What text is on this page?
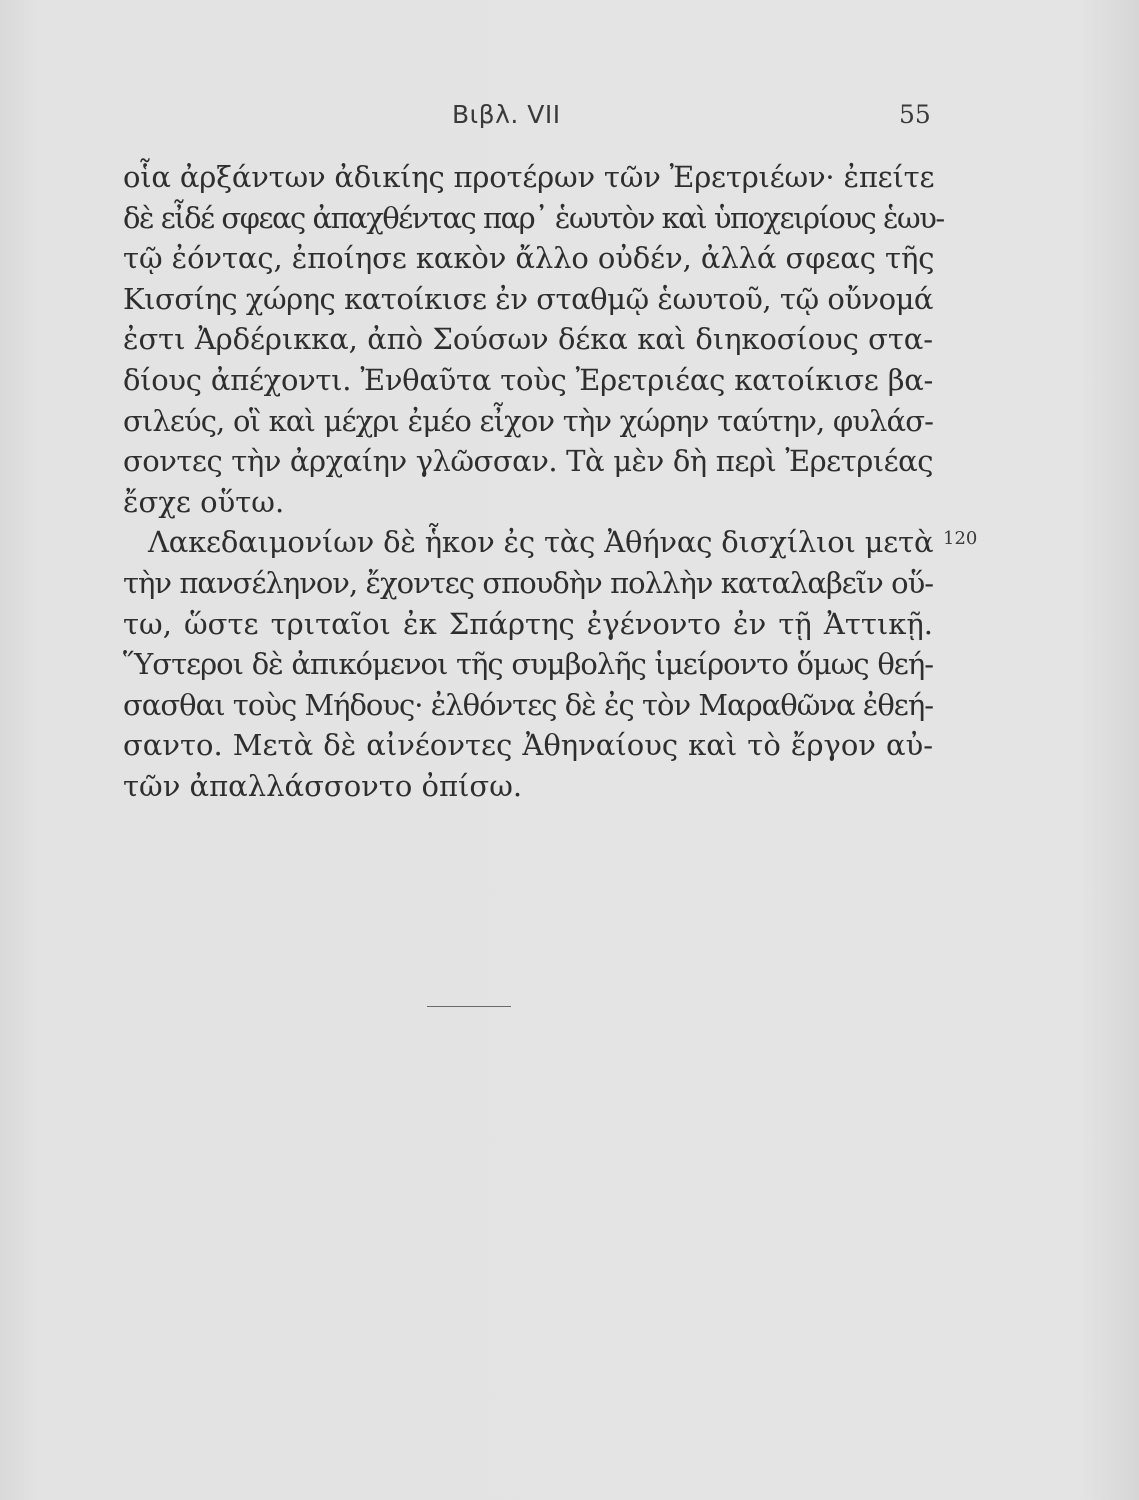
Βιβλ. VII	55
οἷα ἀρξάντων ἀδικίης προτέρων τῶν Ἐρετριέων· ἐπείτε
δὲ εἶδέ σφεας ἀπαχθέντας παρ᾽ ἑωυτὸν καὶ ὑποχειρίους ἑωυ-
τῷ ἐόντας, ἐποίησε κακὸν ἄλλο οὐδέν, ἀλλά σφεας τῆς
Κισσίης χώρης κατοίκισε ἐν σταθμῷ ἑωυτοῦ, τῷ οὔνομά
ἐστι Ἀρδέρικκα, ἀπὸ Σούσων δέκα καὶ διηκοσίους στα-
δίους ἀπέχοντι. Ἐνθαῦτα τοὺς Ἐρετριέας κατοίκισε βα-
σιλεύς, οἳ καὶ μέχρι ἐμέο εἶχον τὴν χώρην ταύτην, φυλάσ-
σοντες τὴν ἀρχαίην γλῶσσαν. Τὰ μὲν δὴ περὶ Ἐρετριέας
ἔσχε οὕτω.
Λακεδαιμονίων δὲ ἧκον ἐς τὰς Ἀθήνας δισχίλιοι μετὰ
τὴν πανσέληνον, ἔχοντες σπουδὴν πολλὴν καταλαβεῖν οὕ-
τω, ὥστε τριταῖοι ἐκ Σπάρτης ἐγένοντο ἐν τῇ Ἀττικῇ.
Ὕστεροι δὲ ἀπικόμενοι τῆς συμβολῆς ἱμείροντο ὅμως θεή-
σασθαι τοὺς Μήδους· ἐλθόντες δὲ ἐς τὸν Μαραθῶνα ἐθεή-
σαντο. Μετὰ δὲ αἰνέοντες Ἀθηναίους καὶ τὸ ἔργον αὐ-
τῶν ἀπαλλάσσοντο ὀπίσω.
120
